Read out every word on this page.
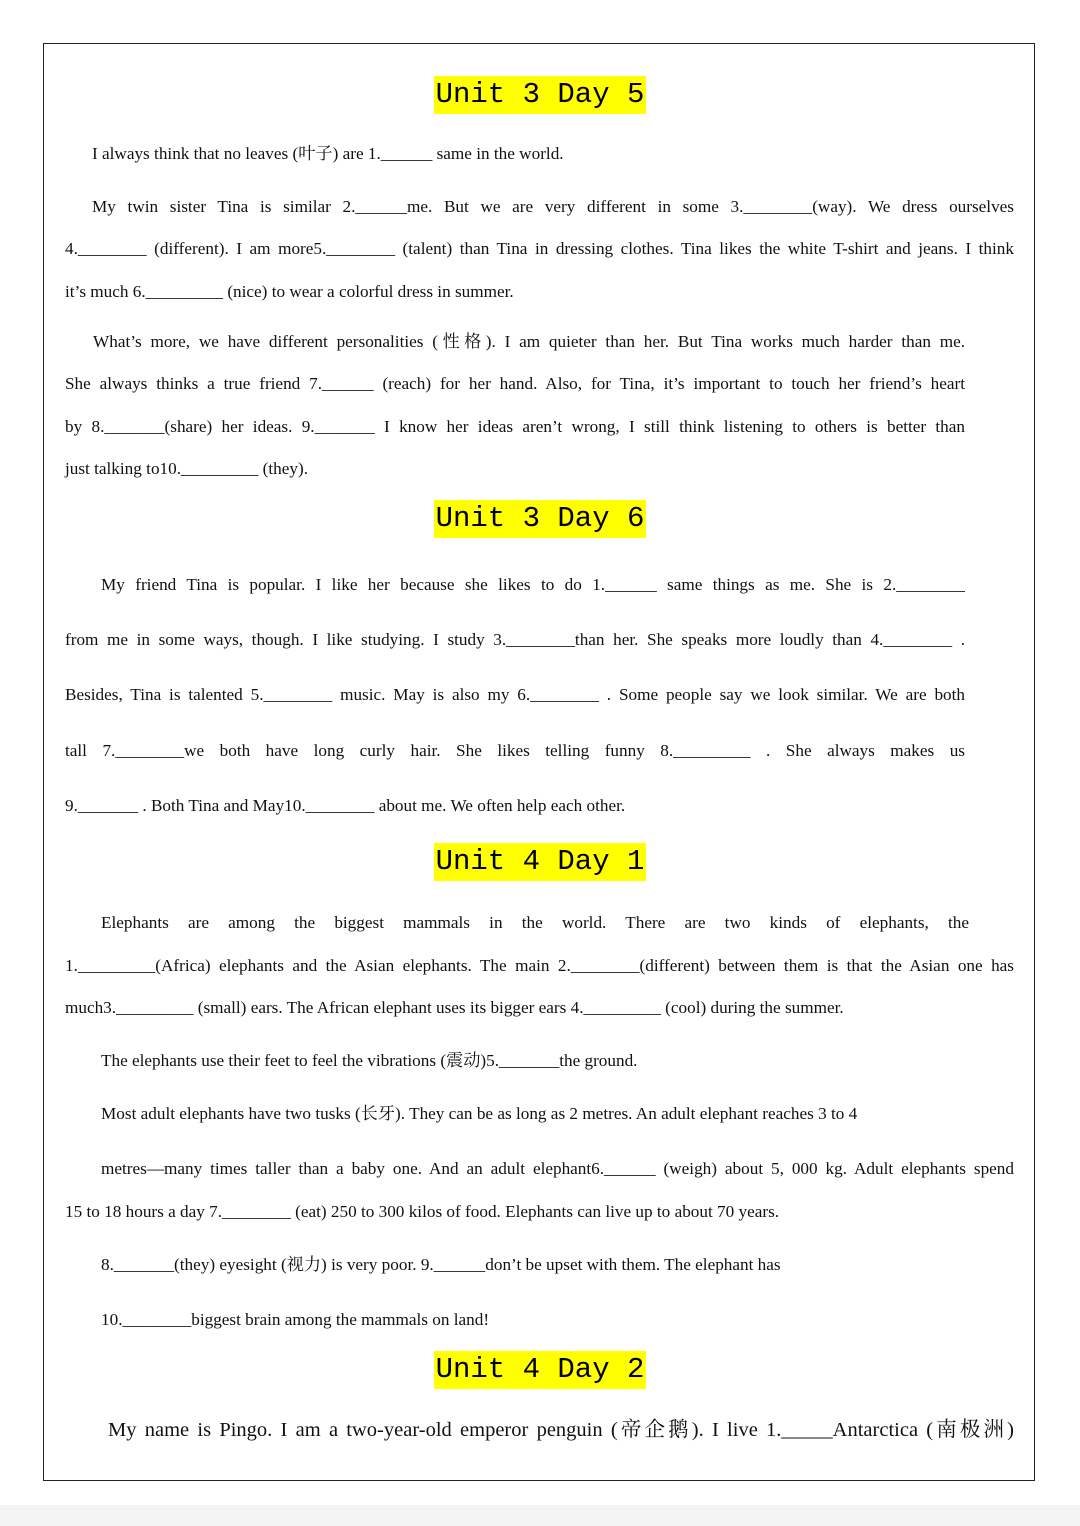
Unit 3 Day 5
I always think that no leaves (叶子) are 1.______ same in the world.
My twin sister Tina is similar 2.______me. But we are very different in some 3.________(way). We dress ourselves
4.________ (different). I am more5.________ (talent) than Tina in dressing clothes. Tina likes the white T-shirt and jeans. I think
it’s much 6._________ (nice) to wear a colorful dress in summer.
What’s more, we have different personalities (性格). I am quieter than her. But Tina works much harder than me.
She always thinks a true friend 7.______ (reach) for her hand. Also, for Tina, it’s important to touch her friend’s heart
by 8._______(share) her ideas. 9._______ I know her ideas aren’t wrong, I still think listening to others is better than
just talking to10._________ (they).
Unit 3 Day 6
My friend Tina is popular. I like her because she likes to do 1.______ same things as me. She is 2.________
from me in some ways, though. I like studying. I study 3.________than her. She speaks more loudly than 4.________ .
Besides, Tina is talented 5.________ music. May is also my 6.________ . Some people say we look similar. We are both
tall 7.________we both have long curly hair. She likes telling funny 8._________ . She always makes us
9._______ . Both Tina and May10.________ about me. We often help each other.
Unit 4 Day 1
Elephants are among the biggest mammals in the world. There are two kinds of elephants, the
1._________(Africa) elephants and the Asian elephants. The main 2.________(different) between them is that the Asian one has
much3._________ (small) ears. The African elephant uses its bigger ears 4._________ (cool) during the summer.
The elephants use their feet to feel the vibrations (震动)5._______the ground.
Most adult elephants have two tusks (长牙). They can be as long as 2 metres. An adult elephant reaches 3 to 4
metres—many times taller than a baby one. And an adult elephant6.______ (weigh) about 5, 000 kg. Adult elephants spend
15 to 18 hours a day 7.________ (eat) 250 to 300 kilos of food. Elephants can live up to about 70 years.
8._______(they) eyesight (视力) is very poor. 9.______don’t be upset with them. The elephant has
10.________biggest brain among the mammals on land!
Unit 4 Day 2
My name is Pingo. I am a two-year-old emperor penguin (帝企鹅). I live 1._____Antarctica (南极洲)
